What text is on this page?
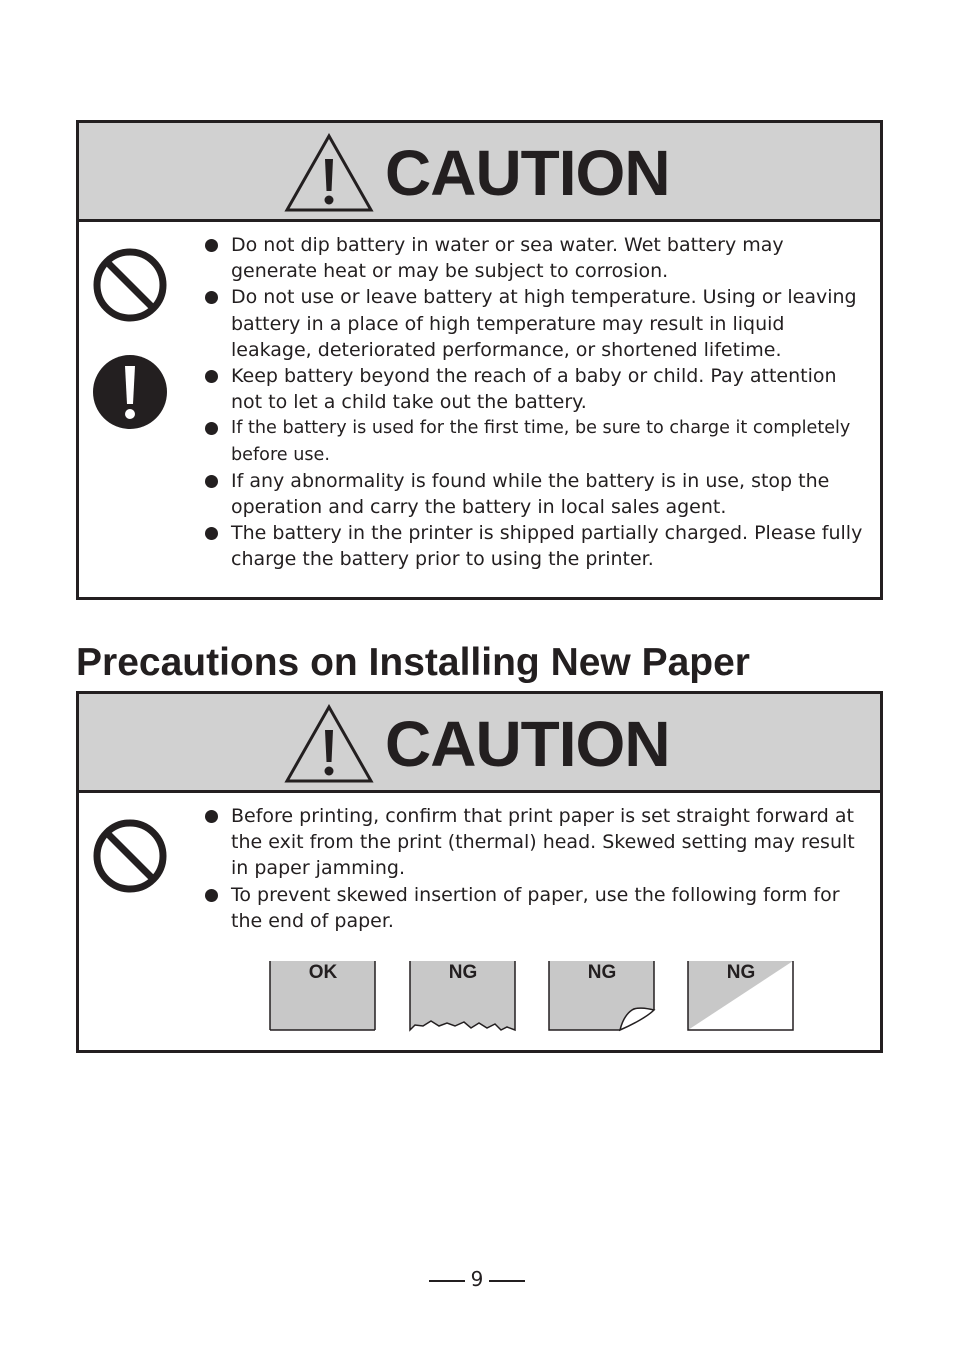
CAUTION
Do not dip battery in water or sea water. Wet battery may generate heat or may be subject to corrosion.
Do not use or leave battery at high temperature. Using or leaving battery in a place of high temperature may result in liquid leakage, deteriorated performance, or shortened lifetime.
Keep battery beyond the reach of a baby or child. Pay attention not to let a child take out the battery.
If the battery is used for the first time, be sure to charge it completely before use.
If any abnormality is found while the battery is in use, stop the operation and carry the battery in local sales agent.
The battery in the printer is shipped partially charged. Please fully charge the battery prior to using the printer.
Precautions on Installing New Paper
CAUTION
Before printing, confirm that print paper is set straight forward at the exit from the print (thermal) head. Skewed setting may result in paper jamming.
To prevent skewed insertion of paper, use the following form for the end of paper.
OK	NG	NG	NG
9
